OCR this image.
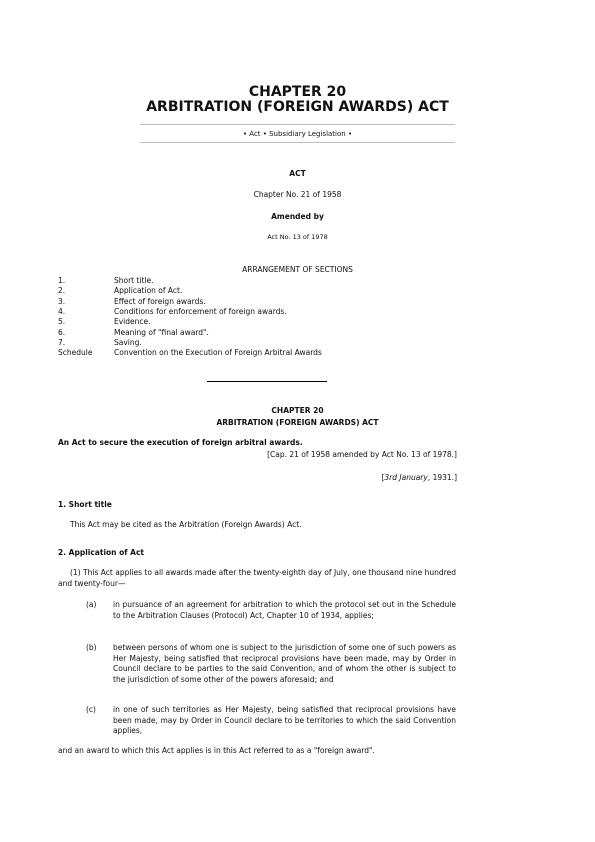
CHAPTER 20
ARBITRATION (FOREIGN AWARDS) ACT
• Act • Subsidiary Legislation •
ACT
Chapter No. 21 of 1958
Amended by
Act No. 13 of 1978
ARRANGEMENT OF SECTIONS
1.	Short title.
2.	Application of Act.
3.	Effect of foreign awards.
4.	Conditions for enforcement of foreign awards.
5.	Evidence.
6.	Meaning of "final award".
7.	Saving.
Schedule	Convention on the Execution of Foreign Arbitral Awards
CHAPTER 20
ARBITRATION (FOREIGN AWARDS) ACT
An Act to secure the execution of foreign arbitral awards.
[Cap. 21 of 1958 amended by Act No. 13 of 1978.]
[3rd January, 1931.]
1. Short title
This Act may be cited as the Arbitration (Foreign Awards) Act.
2. Application of Act
(1) This Act applies to all awards made after the twenty-eighth day of July, one thousand nine hundred and twenty-four—
(a) in pursuance of an agreement for arbitration to which the protocol set out in the Schedule to the Arbitration Clauses (Protocol) Act, Chapter 10 of 1934, applies;
(b) between persons of whom one is subject to the jurisdiction of some one of such powers as Her Majesty, being satisfied that reciprocal provisions have been made, may by Order in Council declare to be parties to the said Convention, and of whom the other is subject to the jurisdiction of some other of the powers aforesaid; and
(c) in one of such territories as Her Majesty, being satisfied that reciprocal provisions have been made, may by Order in Council declare to be territories to which the said Convention applies,
and an award to which this Act applies is in this Act referred to as a "foreign award".
